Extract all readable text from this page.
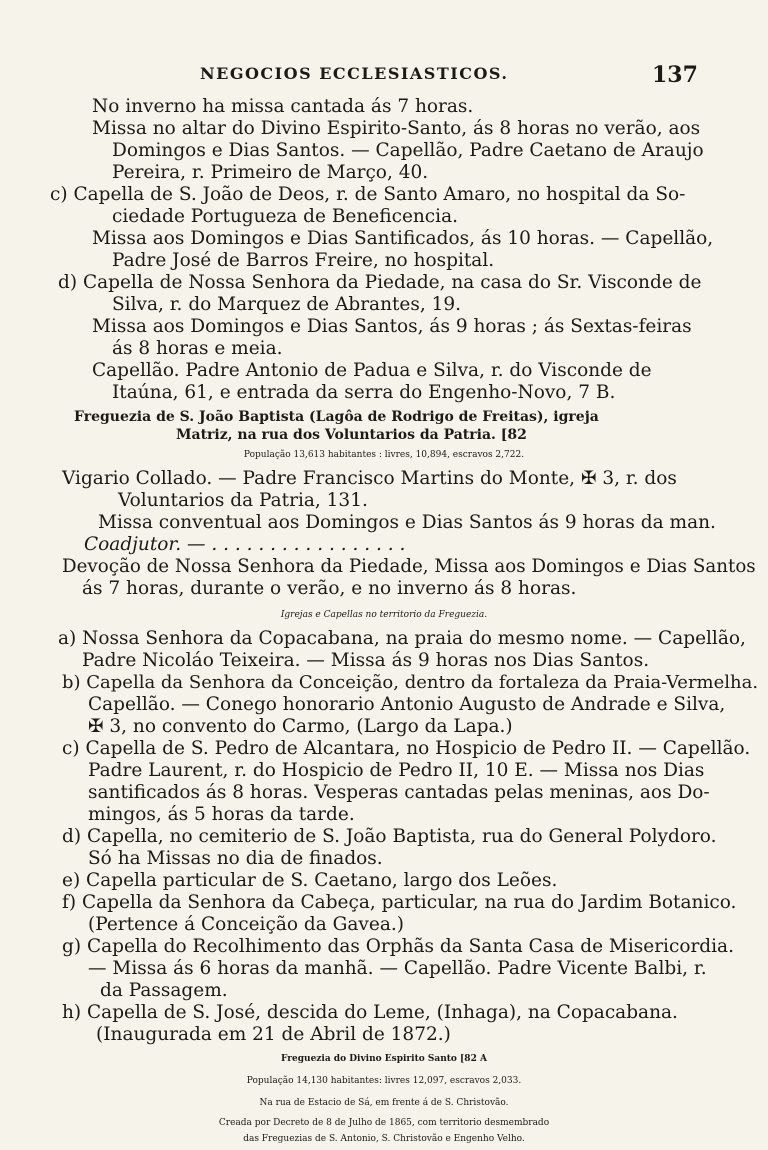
NEGOCIOS ECCLESIASTICOS.	137
No inverno ha missa cantada ás 7 horas.
Missa no altar do Divino Espirito-Santo, ás 8 horas no verão, aos
Domingos e Dias Santos. — Capellão, Padre Caetano de Araujo
Pereira, r. Primeiro de Março, 40.
c) Capella de S. João de Deos, r. de Santo Amaro, no hospital da So-
ciedade Portugueza de Beneficencia.
Missa aos Domingos e Dias Santificados, ás 10 horas. — Capellão,
Padre José de Barros Freire, no hospital.
d) Capella de Nossa Senhora da Piedade, na casa do Sr. Visconde de
Silva, r. do Marquez de Abrantes, 19.
Missa aos Domingos e Dias Santos, ás 9 horas ; ás Sextas-feiras
ás 8 horas e meia.
Capellão. Padre Antonio de Padua e Silva, r. do Visconde de
Itaúna, 61, e entrada da serra do Engenho-Novo, 7 B.
Freguezia de S. João Baptista (Lagôa de Rodrigo de Freitas), igreja
Matriz, na rua dos Voluntarios da Patria. [82
População 13,613 habitantes : livres, 10,894, escravos 2,722.
Vigario Collado. — Padre Francisco Martins do Monte, ✠ 3, r. dos
Voluntarios da Patria, 131.
Missa conventual aos Domingos e Dias Santos ás 9 horas da man.
Coadjutor. — . . . . . . . . . . . . . . . . .
Devoção de Nossa Senhora da Piedade, Missa aos Domingos e Dias Santos
ás 7 horas, durante o verão, e no inverno ás 8 horas.
Igrejas e Capellas no territorio da Freguezia.
a) Nossa Senhora da Copacabana, na praia do mesmo nome. — Capellão,
Padre Nicoláo Teixeira. — Missa ás 9 horas nos Dias Santos.
b) Capella da Senhora da Conceição, dentro da fortaleza da Praia-Vermelha.
Capellão. — Conego honorario Antonio Augusto de Andrade e Silva,
✠ 3, no convento do Carmo, (Largo da Lapa.)
c) Capella de S. Pedro de Alcantara, no Hospicio de Pedro II. — Capellão.
Padre Laurent, r. do Hospicio de Pedro II, 10 E. — Missa nos Dias
santificados ás 8 horas. Vesperas cantadas pelas meninas, aos Do-
mingos, ás 5 horas da tarde.
d) Capella, no cemiterio de S. João Baptista, rua do General Polydoro.
Só ha Missas no dia de finados.
e) Capella particular de S. Caetano, largo dos Leões.
f) Capella da Senhora da Cabeça, particular, na rua do Jardim Botanico.
(Pertence á Conceição da Gavea.)
g) Capella do Recolhimento das Orphãs da Santa Casa de Misericordia.
— Missa ás 6 horas da manhã. — Capellão. Padre Vicente Balbi, r.
da Passagem.
h) Capella de S. José, descida do Leme, (Inhaga), na Copacabana.
(Inaugurada em 21 de Abril de 1872.)
Freguezia do Divino Espirito Santo [82 A
População 14,130 habitantes: livres 12,097, escravos 2,033.
Na rua de Estacio de Sá, em frente á de S. Christovão.
Creada por Decreto de 8 de Julho de 1865, com territorio desmembrado
das Freguezias de S. Antonio, S. Christovão e Engenho Velho.
